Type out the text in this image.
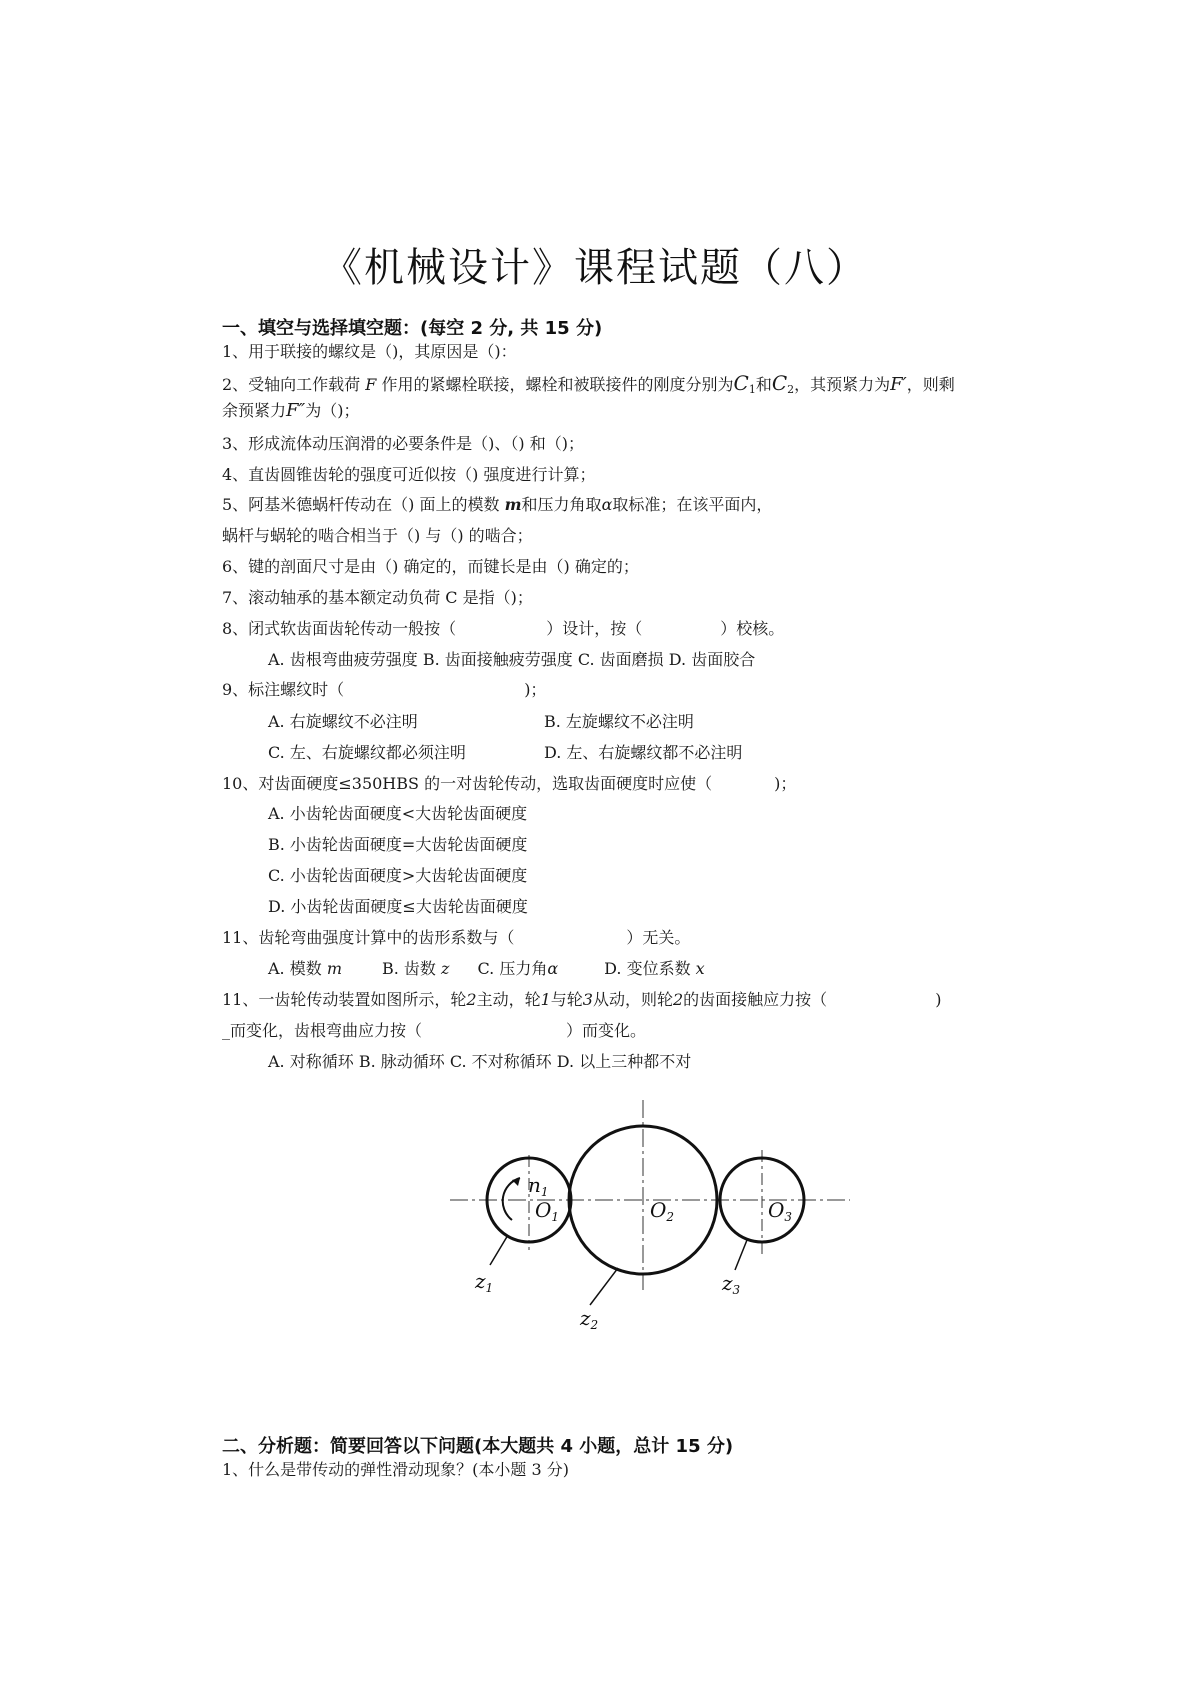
《机械设计》课程试题（八）
一、填空与选择填空题：(每空 2 分, 共 15 分)
1、用于联接的螺纹是（)，其原因是（)：
2、受轴向工作载荷 F 作用的紧螺栓联接，螺栓和被联接件的刚度分别为$C_1$和$C_2$，其预紧力为F′，则剩
余预紧力F″为（)；
3、形成流体动压润滑的必要条件是（)、（) 和（)；
4、直齿圆锥齿轮的强度可近似按（) 强度进行计算；
5、阿基米德蜗杆传动在（) 面上的模数 m和压力角取α取标准；在该平面内，
蜗杆与蜗轮的啮合相当于（) 与（) 的啮合；
6、键的剖面尺寸是由（) 确定的，而键长是由（) 确定的；
7、滚动轴承的基本额定动负荷 C 是指（)；
8、闭式软齿面齿轮传动一般按（	）设计，按（	）校核。
A. 齿根弯曲疲劳强度 B. 齿面接触疲劳强度 C. 齿面磨损 D. 齿面胶合
9、标注螺纹时（	)；
A. 右旋螺纹不必注明	B. 左旋螺纹不必注明
C. 左、右旋螺纹都必须注明	D. 左、右旋螺纹都不必注明
10、对齿面硬度≤350HBS 的一对齿轮传动，选取齿面硬度时应使（	)；
A. 小齿轮齿面硬度<大齿轮齿面硬度
B. 小齿轮齿面硬度=大齿轮齿面硬度
C. 小齿轮齿面硬度>大齿轮齿面硬度
D. 小齿轮齿面硬度≤大齿轮齿面硬度
11、齿轮弯曲强度计算中的齿形系数与（	）无关。
A. 模数 m	B. 齿数 z C. 压力角α	D. 变位系数 x
11、一齿轮传动装置如图所示，轮2主动，轮1与轮3从动，则轮2的齿面接触应力按（	)
_而变化，齿根弯曲应力按（	）而变化。
A. 对称循环 B. 脉动循环 C. 不对称循环 D. 以上三种都不对
$n_1$
$O_1$	$O_2$	$O_3$
$z_1$
$z_2$
$z_3$
二、分析题：简要回答以下问题(本大题共 4 小题，总计 15 分)
1、什么是带传动的弹性滑动现象？(本小题 3 分)
